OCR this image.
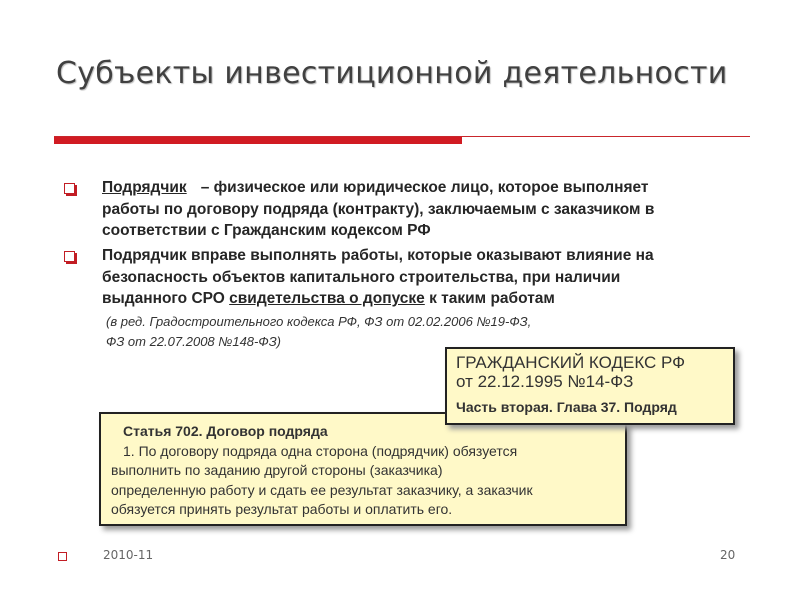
Субъекты инвестиционной деятельности
Подрядчик – физическое или юридическое лицо, которое выполняет
работы по договору подряда (контракту), заключаемым с заказчиком в
соответствии с Гражданским кодексом РФ
Подрядчик вправе выполнять работы, которые оказывают влияние на
безопасность объектов капитального строительства, при наличии
выданного СРО свидетельства о допуске к таким работам
(в ред. Градостроительного кодекса РФ, ФЗ от 02.02.2006 №19-ФЗ,
ФЗ от 22.07.2008 №148-ФЗ)
Статья 702. Договор подряда
1. По договору подряда одна сторона (подрядчик) обязуется
выполнить по заданию другой стороны (заказчика)
определенную работу и сдать ее результат заказчику, а заказчик
обязуется принять результат работы и оплатить его.
ГРАЖДАНСКИЙ КОДЕКС РФ
от 22.12.1995 №14-ФЗ
Часть вторая. Глава 37. Подряд
2010-11	20
